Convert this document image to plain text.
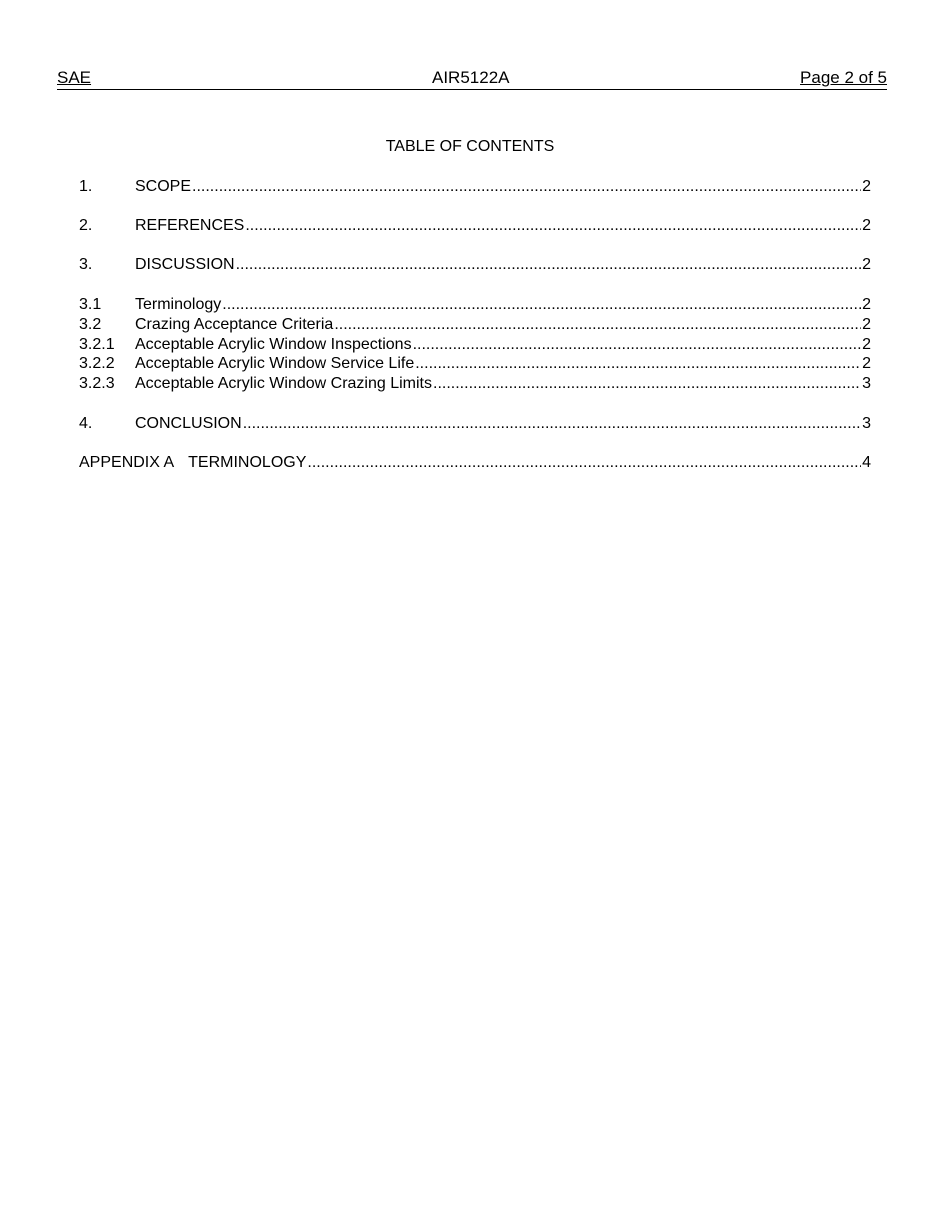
SAE	AIR5122A	Page 2 of 5
TABLE OF CONTENTS
1.	SCOPE .....	2
2.	REFERENCES .....	2
3.	DISCUSSION .....	2
3.1	Terminology .....	2
3.2	Crazing Acceptance Criteria .....	2
3.2.1	Acceptable Acrylic Window Inspections .....	2
3.2.2	Acceptable Acrylic Window Service Life .....	2
3.2.3	Acceptable Acrylic Window Crazing Limits .....	3
4.	CONCLUSION .....	3
APPENDIX A TERMINOLOGY .....	4
